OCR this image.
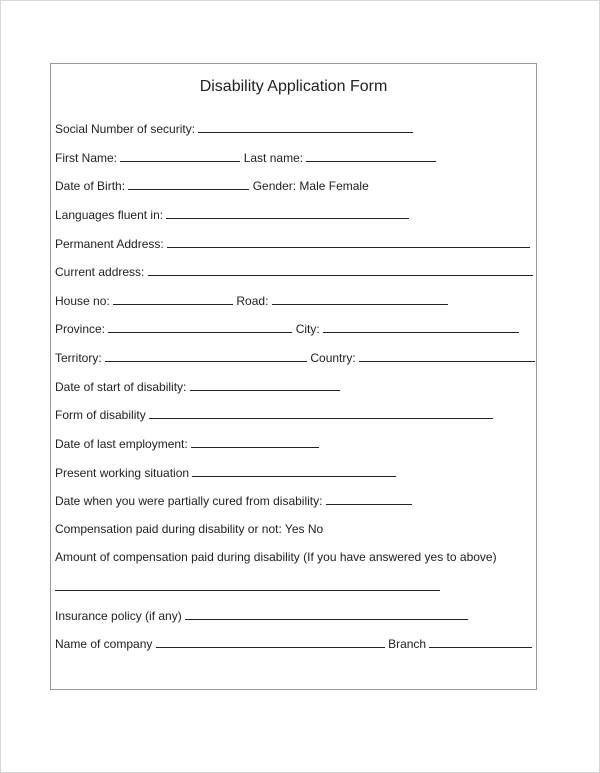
Disability Application Form
Social Number of security:
First Name:	Last name:
Date of Birth:	Gender: Male Female
Languages fluent in:
Permanent Address:
Current address:
House no:	Road:
Province:	City:
Territory:	Country:
Date of start of disability:
Form of disability
Date of last employment:
Present working situation
Date when you were partially cured from disability:
Compensation paid during disability or not: Yes No
Amount of compensation paid during disability (If you have answered yes to above)
Insurance policy (if any)
Name of company	Branch
